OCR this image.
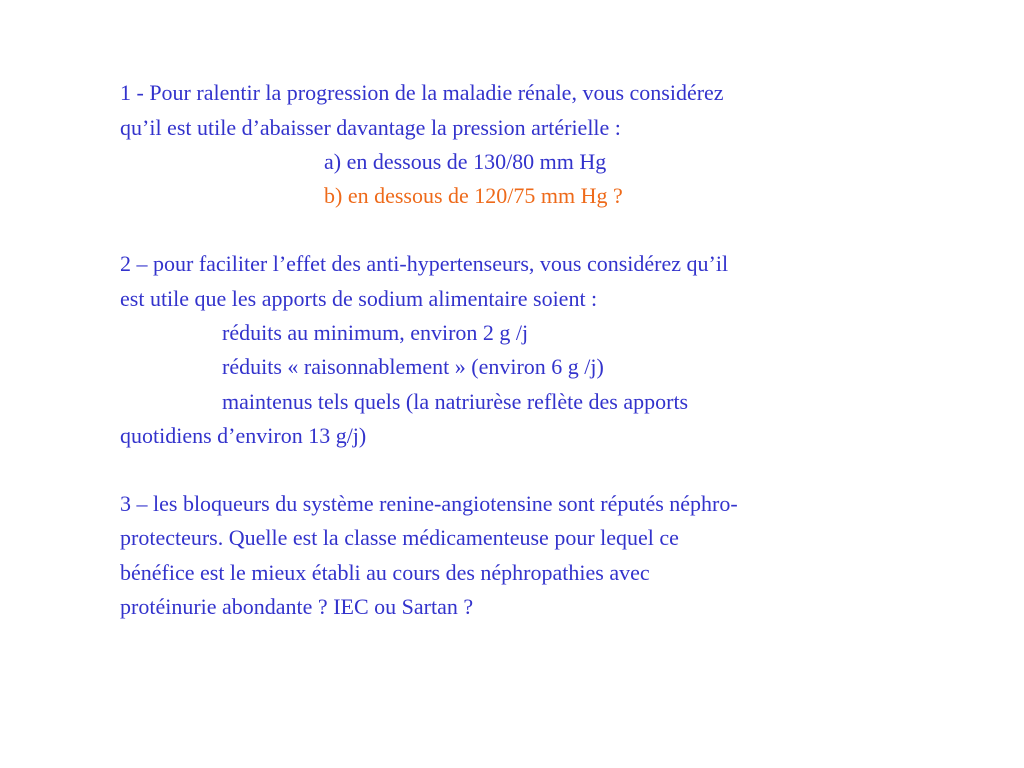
1 - Pour ralentir la progression de la maladie rénale, vous considérez
qu’il est utile d’abaisser davantage la pression artérielle :
a) en dessous de 130/80 mm Hg
b) en dessous de 120/75 mm Hg ?
2 – pour faciliter l’effet des anti-hypertenseurs, vous considérez qu’il
est utile que les apports de sodium alimentaire soient :
réduits au minimum, environ 2 g /j
réduits « raisonnablement » (environ 6 g /j)
maintenus tels quels (la natriurèse reflète des apports
quotidiens d’environ 13 g/j)
3 – les bloqueurs du système renine-angiotensine sont réputés néphro-
protecteurs. Quelle est la classe médicamenteuse pour lequel ce
bénéfice est le mieux établi au cours des néphropathies avec
protéinurie abondante ? IEC ou Sartan ?
